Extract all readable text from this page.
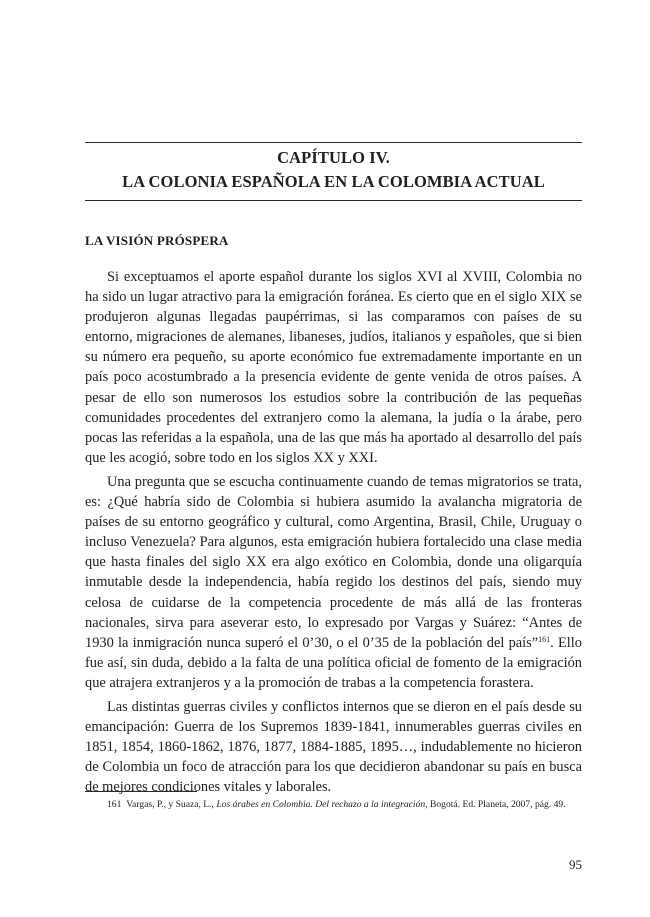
CAPÍTULO IV.
LA COLONIA ESPAÑOLA EN LA COLOMBIA ACTUAL
LA VISIÓN PRÓSPERA

Si exceptuamos el aporte español durante los siglos XVI al XVIII, Colombia no ha sido un lugar atractivo para la emigración foránea. Es cierto que en el siglo XIX se produjeron algunas llegadas paupérrimas, si las comparamos con países de su entorno, migraciones de alemanes, libaneses, judíos, italianos y españoles, que si bien su número era pequeño, su aporte económico fue extremadamente importante en un país poco acostumbrado a la presencia evidente de gente venida de otros países. A pesar de ello son numerosos los estudios sobre la contribución de las pequeñas comunidades procedentes del extranjero como la alemana, la judía o la árabe, pero pocas las referidas a la española, una de las que más ha aportado al desarrollo del país que les acogió, sobre todo en los siglos XX y XXI.

Una pregunta que se escucha continuamente cuando de temas migratorios se trata, es: ¿Qué habría sido de Colombia si hubiera asumido la avalancha migratoria de países de su entorno geográfico y cultural, como Argentina, Brasil, Chile, Uruguay o incluso Venezuela? Para algunos, esta emigración hubiera fortalecido una clase media que hasta finales del siglo XX era algo exótico en Colombia, donde una oligarquía inmutable desde la independencia, había regido los destinos del país, siendo muy celosa de cuidarse de la competencia procedente de más allá de las fronteras nacionales, sirva para aseverar esto, lo expresado por Vargas y Suárez: “Antes de 1930 la inmigración nunca superó el 0’30, o el 0’35 de la población del país”$^{161}$. Ello fue así, sin duda, debido a la falta de una política oficial de fomento de la emigración que atrajera extranjeros y a la promoción de trabas a la competencia forastera.

Las distintas guerras civiles y conflictos internos que se dieron en el país desde su emancipación: Guerra de los Supremos 1839-1841, innumerables guerras civiles en 1851, 1854, 1860-1862, 1876, 1877, 1884-1885, 1895…, indudablemente no hicieron de Colombia un foco de atracción para los que decidieron abandonar su país en busca de mejores condiciones vitales y laborales.

161 Vargas, P., y Suaza, L., Los árabes en Colombia. Del rechazo a la integración, Bogotá. Ed. Planeta, 2007, pág. 49.
95
